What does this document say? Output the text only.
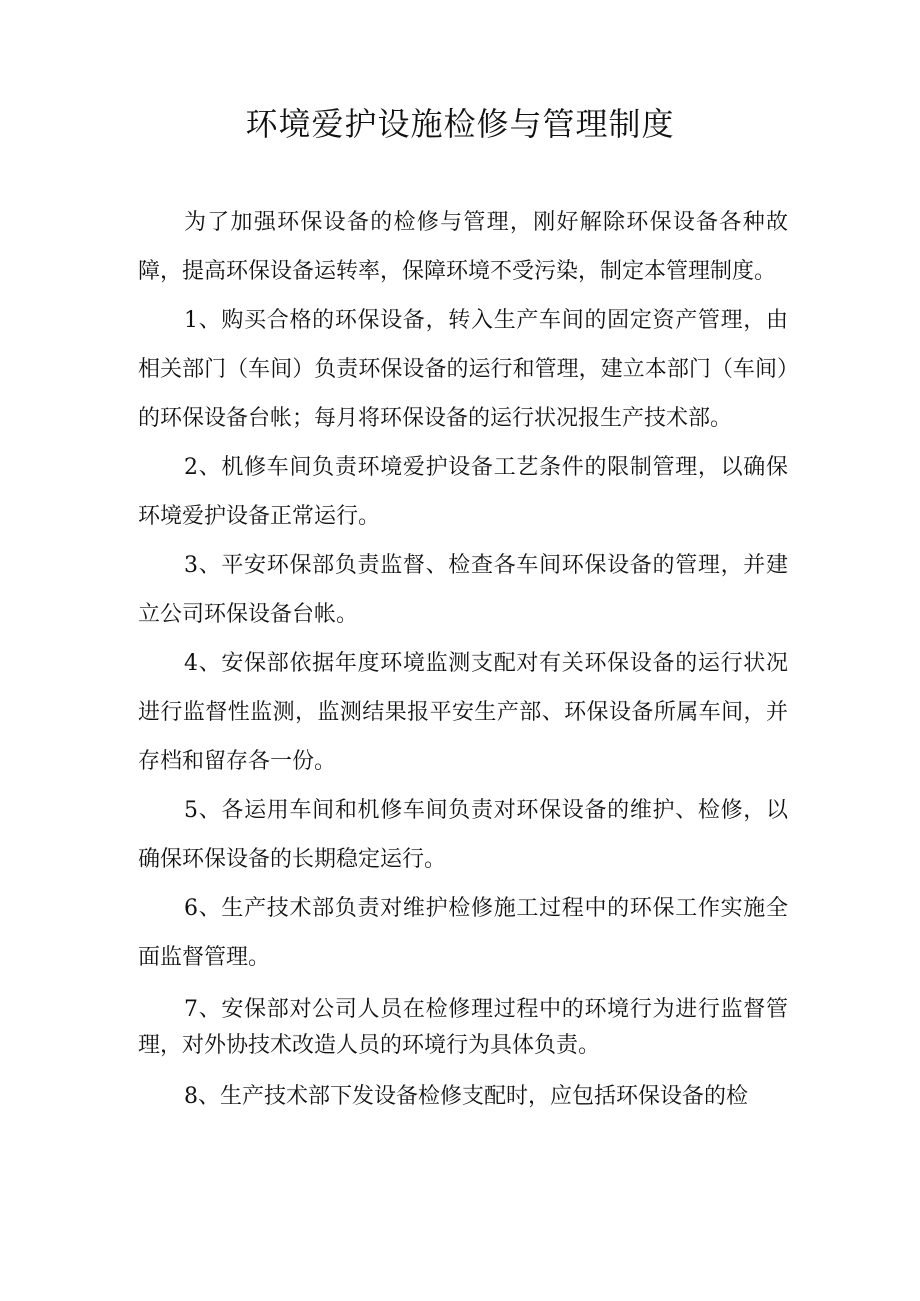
环境爱护设施检修与管理制度

为了加强环保设备的检修与管理，刚好解除环保设备各种故障，提高环保设备运转率，保障环境不受污染，制定本管理制度。

1、购买合格的环保设备，转入生产车间的固定资产管理，由相关部门（车间）负责环保设备的运行和管理，建立本部门（车间）的环保设备台帐；每月将环保设备的运行状况报生产技术部。

2、机修车间负责环境爱护设备工艺条件的限制管理，以确保环境爱护设备正常运行。

3、平安环保部负责监督、检查各车间环保设备的管理，并建立公司环保设备台帐。

4、安保部依据年度环境监测支配对有关环保设备的运行状况进行监督性监测，监测结果报平安生产部、环保设备所属车间，并存档和留存各一份。

5、各运用车间和机修车间负责对环保设备的维护、检修，以确保环保设备的长期稳定运行。

6、生产技术部负责对维护检修施工过程中的环保工作实施全面监督管理。

7、安保部对公司人员在检修理过程中的环境行为进行监督管理，对外协技术改造人员的环境行为具体负责。

8、生产技术部下发设备检修支配时，应包括环保设备的检
